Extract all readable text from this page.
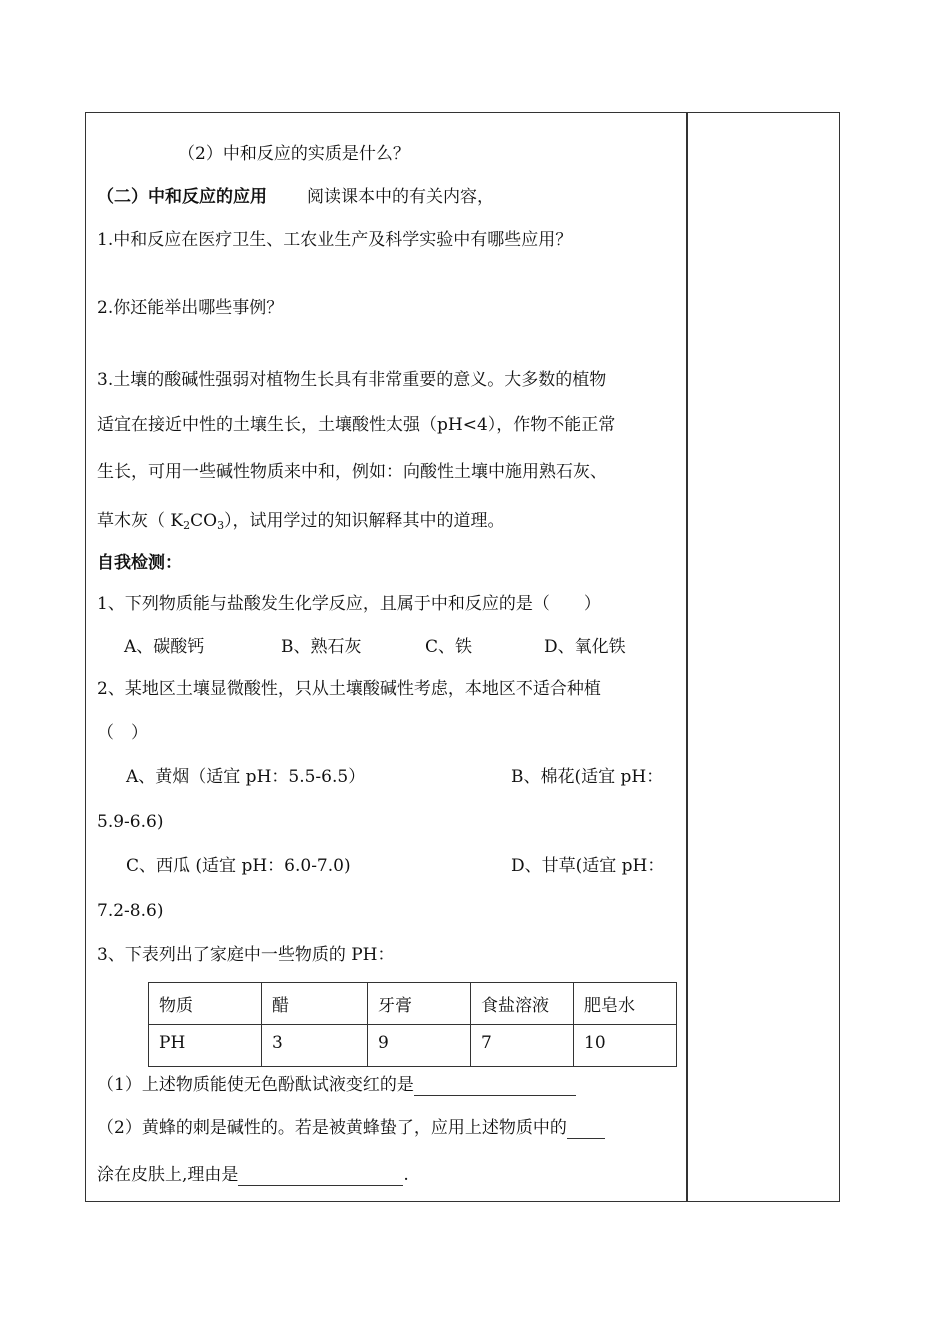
（2）中和反应的实质是什么？
（二）中和反应的应用 阅读课本中的有关内容，
1.中和反应在医疗卫生、工农业生产及科学实验中有哪些应用？
2.你还能举出哪些事例？
3.土壤的酸碱性强弱对植物生长具有非常重要的意义。大多数的植物
适宜在接近中性的土壤生长，土壤酸性太强（pH<4），作物不能正常
生长，可用一些碱性物质来中和，例如：向酸性土壤中施用熟石灰、
草木灰（ $K_2CO_3$），试用学过的知识解释其中的道理。
自我检测：
1、下列物质能与盐酸发生化学反应，且属于中和反应的是（　　）
A、碳酸钙	B、熟石灰	C、铁	D、氧化铁
2、某地区土壤显微酸性，只从土壤酸碱性考虑，本地区不适合种植
（　）
A、黄烟（适宜 pH：5.5-6.5）	B、棉花(适宜 pH：
5.9-6.6)
C、西瓜 (适宜 pH：6.0-7.0)	D、甘草(适宜 pH：
7.2-8.6)
3、下表列出了家庭中一些物质的 PH：
物质	醋	牙膏	食盐溶液	肥皂水
PH	3	9	7	10
（1）上述物质能使无色酚酞试液变红的是
（2）黄蜂的刺是碱性的。若是被黄蜂蛰了，应用上述物质中的
涂在皮肤上,理由是	.
